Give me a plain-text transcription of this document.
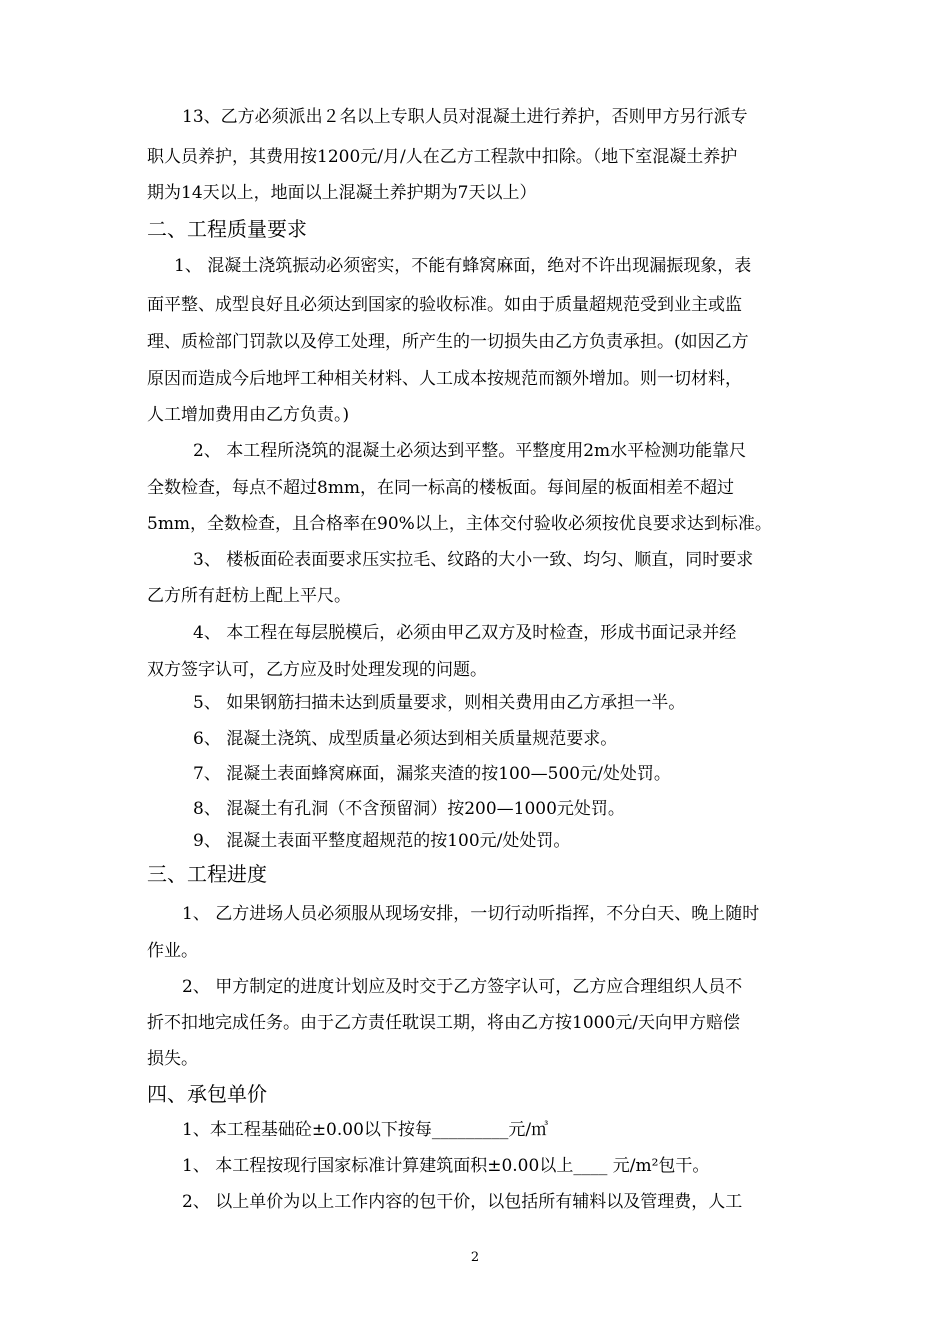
13、乙方必须派出２名以上专职人员对混凝土进行养护，否则甲方另行派专
职人员养护，其费用按1200元/月/人在乙方工程款中扣除。（地下室混凝土养护
期为14天以上，地面以上混凝土养护期为7天以上）
二、工程质量要求
1、 混凝土浇筑振动必须密实，不能有蜂窝麻面，绝对不许出现漏振现象，表
面平整、成型良好且必须达到国家的验收标准。如由于质量超规范受到业主或监
理、质检部门罚款以及停工处理，所产生的一切损失由乙方负责承担。(如因乙方
原因而造成今后地坪工种相关材料、人工成本按规范而额外增加。则一切材料，
人工增加费用由乙方负责。)
2、 本工程所浇筑的混凝土必须达到平整。平整度用2m水平检测功能靠尺
全数检查，每点不超过8mm，在同一标高的楼板面。每间屋的板面相差不超过
5mm，全数检查，且合格率在90%以上，主体交付验收必须按优良要求达到标准。
3、 楼板面砼表面要求压实拉毛、纹路的大小一致、均匀、顺直，同时要求
乙方所有赶枋上配上平尺。
4、 本工程在每层脱模后，必须由甲乙双方及时检查，形成书面记录并经
双方签字认可，乙方应及时处理发现的问题。
5、 如果钢筋扫描未达到质量要求，则相关费用由乙方承担一半。
6、 混凝土浇筑、成型质量必须达到相关质量规范要求。
7、 混凝土表面蜂窝麻面，漏浆夹渣的按100—500元/处处罚。
8、 混凝土有孔洞（不含预留洞）按200—1000元处罚。
9、 混凝土表面平整度超规范的按100元/处处罚。
三、工程进度
1、 乙方进场人员必须服从现场安排，一切行动听指挥，不分白天、晚上随时
作业。
2、 甲方制定的进度计划应及时交于乙方签字认可，乙方应合理组织人员不
折不扣地完成任务。由于乙方责任耽误工期，将由乙方按1000元/天向甲方赔偿
损失。
四、承包单价
1、本工程基础砼±0.00以下按每_________元/㎥
1、 本工程按现行国家标准计算建筑面积±0.00以上____ 元/m²包干。
2、 以上单价为以上工作内容的包干价，以包括所有辅料以及管理费，人工
2
